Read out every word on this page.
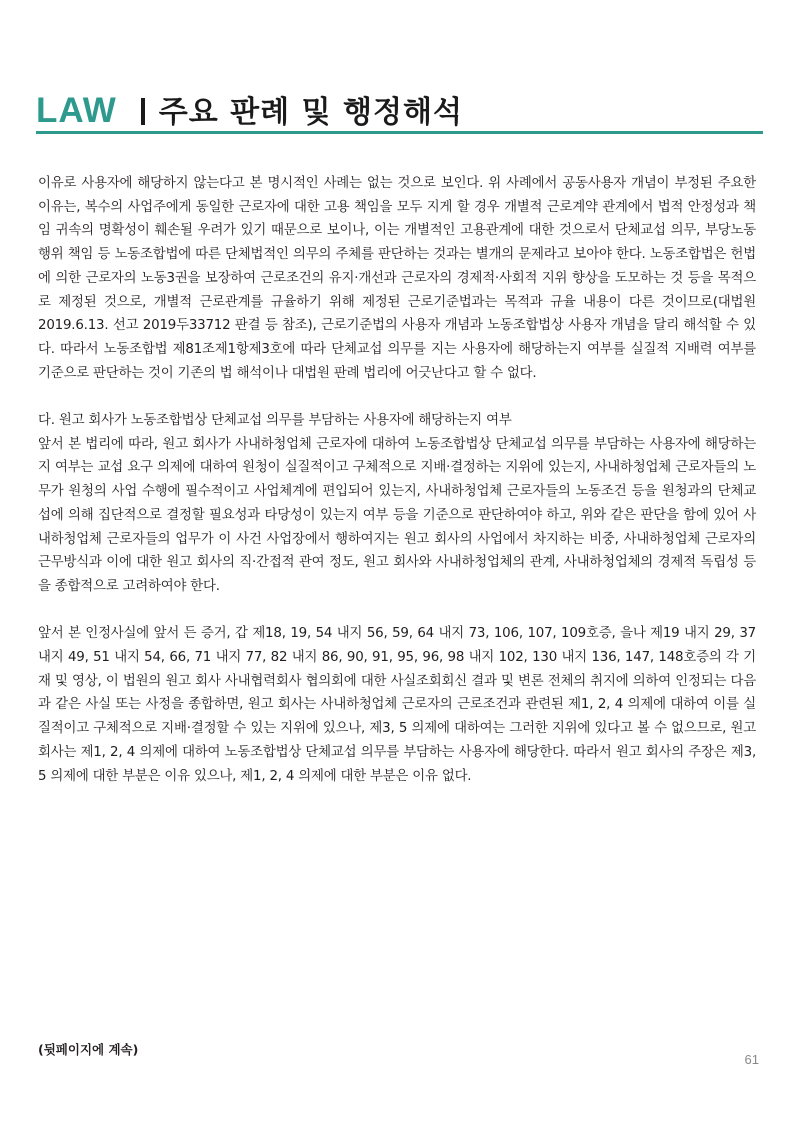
LAW 주요 판례 및 행정해석

이유로 사용자에 해당하지 않는다고 본 명시적인 사례는 없는 것으로 보인다. 위 사례에서 공동사용자 개념이 부정된 주요한 이유는, 복수의 사업주에게 동일한 근로자에 대한 고용 책임을 모두 지게 할 경우 개별적 근로계약 관계에서 법적 안정성과 책임 귀속의 명확성이 훼손될 우려가 있기 때문으로 보이나, 이는 개별적인 고용관계에 대한 것으로서 단체교섭 의무, 부당노동행위 책임 등 노동조합법에 따른 단체법적인 의무의 주체를 판단하는 것과는 별개의 문제라고 보아야 한다. 노동조합법은 헌법에 의한 근로자의 노동3권을 보장하여 근로조건의 유지·개선과 근로자의 경제적·사회적 지위 향상을 도모하는 것 등을 목적으로 제정된 것으로, 개별적 근로관계를 규율하기 위해 제정된 근로기준법과는 목적과 규율 내용이 다른 것이므로(대법원 2019.6.13. 선고 2019두33712 판결 등 참조), 근로기준법의 사용자 개념과 노동조합법상 사용자 개념을 달리 해석할 수 있다. 따라서 노동조합법 제81조제1항제3호에 따라 단체교섭 의무를 지는 사용자에 해당하는지 여부를 실질적 지배력 여부를 기준으로 판단하는 것이 기존의 법 해석이나 대법원 판례 법리에 어긋난다고 할 수 없다.

다. 원고 회사가 노동조합법상 단체교섭 의무를 부담하는 사용자에 해당하는지 여부

앞서 본 법리에 따라, 원고 회사가 사내하청업체 근로자에 대하여 노동조합법상 단체교섭 의무를 부담하는 사용자에 해당하는지 여부는 교섭 요구 의제에 대하여 원청이 실질적이고 구체적으로 지배·결정하는 지위에 있는지, 사내하청업체 근로자들의 노무가 원청의 사업 수행에 필수적이고 사업체계에 편입되어 있는지, 사내하청업체 근로자들의 노동조건 등을 원청과의 단체교섭에 의해 집단적으로 결정할 필요성과 타당성이 있는지 여부 등을 기준으로 판단하여야 하고, 위와 같은 판단을 함에 있어 사내하청업체 근로자들의 업무가 이 사건 사업장에서 행하여지는 원고 회사의 사업에서 차지하는 비중, 사내하청업체 근로자의 근무방식과 이에 대한 원고 회사의 직·간접적 관여 정도, 원고 회사와 사내하청업체의 관계, 사내하청업체의 경제적 독립성 등을 종합적으로 고려하여야 한다.

앞서 본 인정사실에 앞서 든 증거, 갑 제18, 19, 54 내지 56, 59, 64 내지 73, 106, 107, 109호증, 을나 제19 내지 29, 37 내지 49, 51 내지 54, 66, 71 내지 77, 82 내지 86, 90, 91, 95, 96, 98 내지 102, 130 내지 136, 147, 148호증의 각 기재 및 영상, 이 법원의 원고 회사 사내협력회사 협의회에 대한 사실조회회신 결과 및 변론 전체의 취지에 의하여 인정되는 다음과 같은 사실 또는 사정을 종합하면, 원고 회사는 사내하청업체 근로자의 근로조건과 관련된 제1, 2, 4 의제에 대하여 이를 실질적이고 구체적으로 지배·결정할 수 있는 지위에 있으나, 제3, 5 의제에 대하여는 그러한 지위에 있다고 볼 수 없으므로, 원고 회사는 제1, 2, 4 의제에 대하여 노동조합법상 단체교섭 의무를 부담하는 사용자에 해당한다. 따라서 원고 회사의 주장은 제3, 5 의제에 대한 부분은 이유 있으나, 제1, 2, 4 의제에 대한 부분은 이유 없다.

(뒷페이지에 계속)
61
